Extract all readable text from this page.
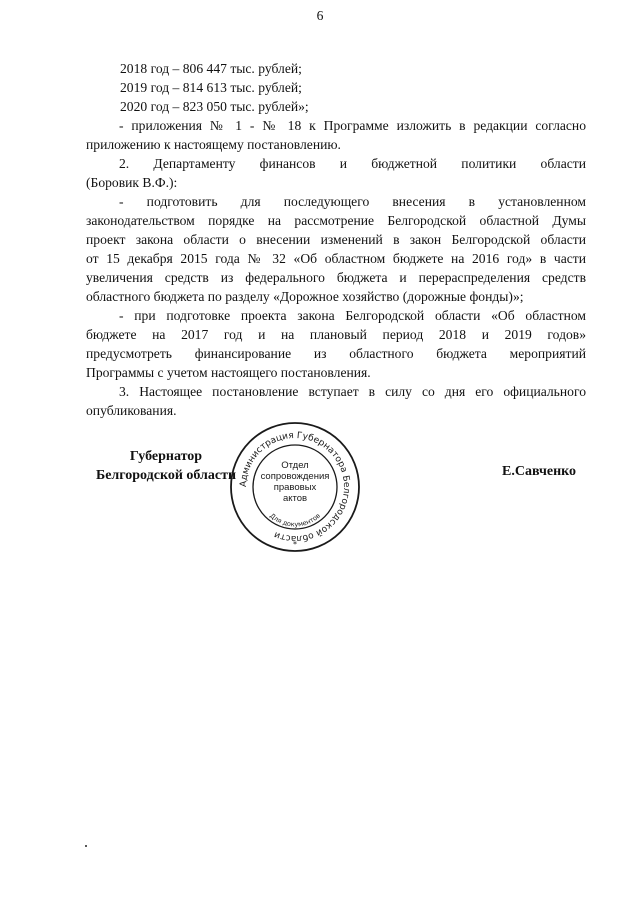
6
2018 год – 806 447 тыс. рублей;
2019 год – 814 613 тыс. рублей;
2020 год – 823 050 тыс. рублей»;
- приложения № 1 - № 18 к Программе изложить в редакции согласно
приложению к настоящему постановлению.
2. Департаменту финансов и бюджетной политики области
(Боровик В.Ф.):
- подготовить для последующего внесения в установленном
законодательством порядке на рассмотрение Белгородской областной Думы
проект закона области о внесении изменений в закон Белгородской области
от 15 декабря 2015 года № 32 «Об областном бюджете на 2016 год» в части
увеличения средств из федерального бюджета и перераспределения средств
областного бюджета по разделу «Дорожное хозяйство (дорожные фонды)»;
- при подготовке проекта закона Белгородской области «Об областном
бюджете на 2017 год и на плановый период 2018 и 2019 годов»
предусмотреть финансирование из областного бюджета мероприятий
Программы с учетом настоящего постановления.
3. Настоящее постановление вступает в силу со дня его официального
опубликования.
Губернатор
Белгородской области
Администрация Губернатора Белгородской области
Для документов
Отдел
сопровождения
правовых
актов
*
Е.Савченко
